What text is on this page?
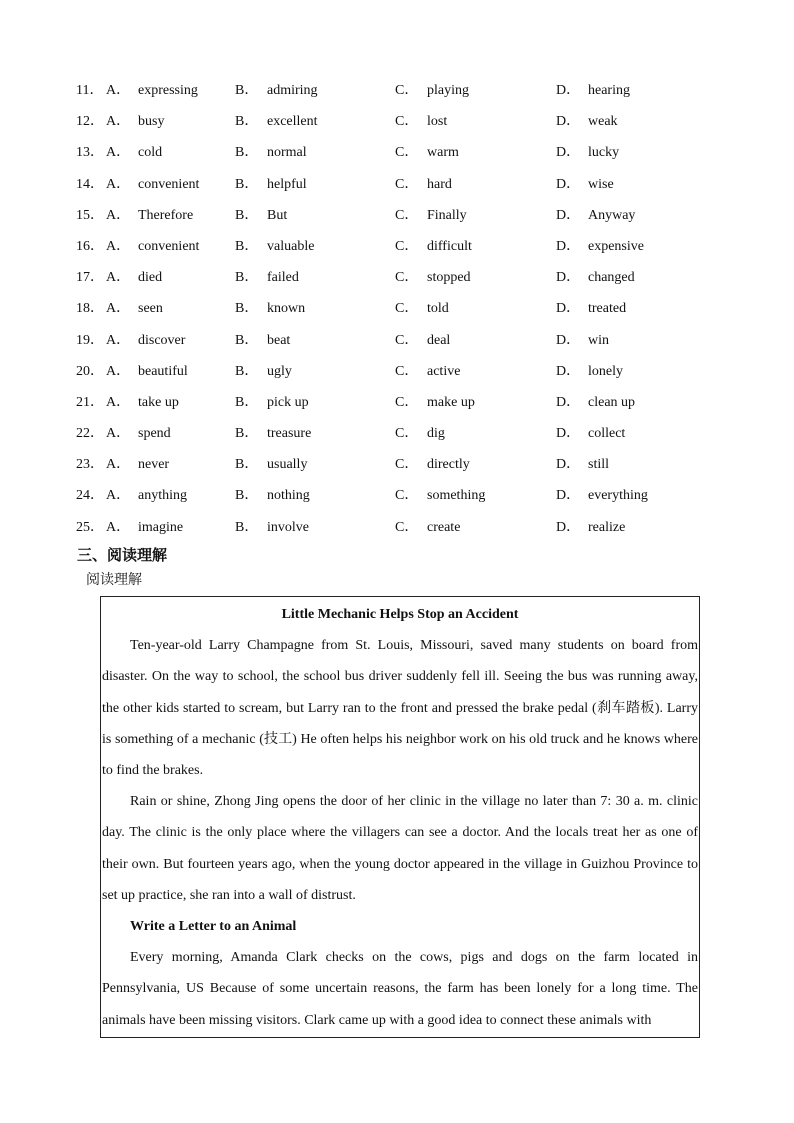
11． A． expressing	B． admiring	C． playing	D． hearing
12． A． busy	B． excellent	C． lost	D． weak
13． A． cold	B． normal	C． warm	D． lucky
14． A． convenient	B． helpful	C． hard	D． wise
15． A． Therefore	B． But	C． Finally	D． Anyway
16． A． convenient	B． valuable	C． difficult	D． expensive
17． A． died	B． failed	C． stopped	D． changed
18． A． seen	B． known	C． told	D． treated
19． A． discover	B． beat	C． deal	D． win
20． A． beautiful	B． ugly	C． active	D． lonely
21． A． take up	B． pick up	C． make up	D． clean up
22． A． spend	B． treasure	C． dig	D． collect
23． A． never	B． usually	C． directly	D． still
24． A． anything	B． nothing	C． something	D． everything
25． A． imagine	B． involve	C． create	D． realize
三、阅读理解
阅读理解

Little Mechanic Helps Stop an Accident

Ten-year-old Larry Champagne from St. Louis, Missouri, saved many students on board from disaster. On the way to school, the school bus driver suddenly fell ill. Seeing the bus was running away, the other kids started to scream, but Larry ran to the front and pressed the brake pedal (刹车踏板). Larry is something of a mechanic (技工) He often helps his neighbor work on his old truck and he knows where to find the brakes.

Rain or shine, Zhong Jing opens the door of her clinic in the village no later than 7: 30 a. m. clinic day. The clinic is the only place where the villagers can see a doctor. And the locals treat her as one of their own. But fourteen years ago, when the young doctor appeared in the village in Guizhou Province to set up practice, she ran into a wall of distrust.

Write a Letter to an Animal

Every morning, Amanda Clark checks on the cows, pigs and dogs on the farm located in Pennsylvania, US Because of some uncertain reasons, the farm has been lonely for a long time. The animals have been missing visitors. Clark came up with a good idea to connect these animals with
